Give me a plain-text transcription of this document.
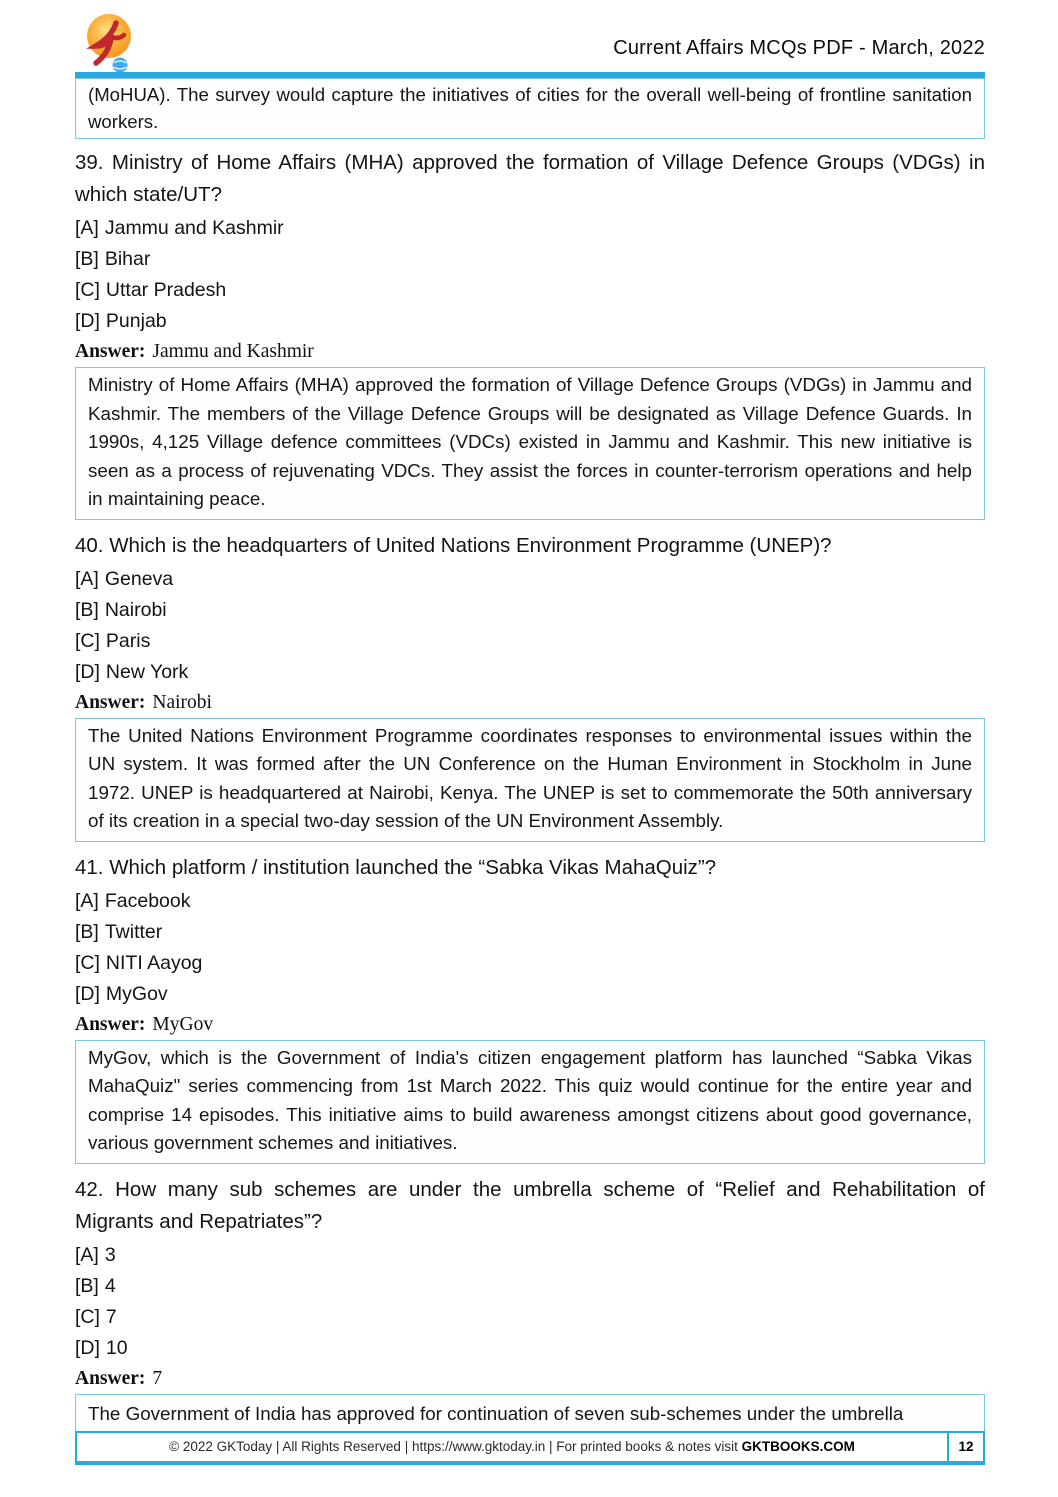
Current Affairs MCQs PDF - March, 2022
(MoHUA). The survey would capture the initiatives of cities for the overall well-being of frontline sanitation workers.
39. Ministry of Home Affairs (MHA) approved the formation of Village Defence Groups (VDGs) in which state/UT?
[A] Jammu and Kashmir
[B] Bihar
[C] Uttar Pradesh
[D] Punjab
Answer: Jammu and Kashmir
Ministry of Home Affairs (MHA) approved the formation of Village Defence Groups (VDGs) in Jammu and Kashmir. The members of the Village Defence Groups will be designated as Village Defence Guards. In 1990s, 4,125 Village defence committees (VDCs) existed in Jammu and Kashmir. This new initiative is seen as a process of rejuvenating VDCs. They assist the forces in counter-terrorism operations and help in maintaining peace.
40. Which is the headquarters of United Nations Environment Programme (UNEP)?
[A] Geneva
[B] Nairobi
[C] Paris
[D] New York
Answer: Nairobi
The United Nations Environment Programme coordinates responses to environmental issues within the UN system. It was formed after the UN Conference on the Human Environment in Stockholm in June 1972. UNEP is headquartered at Nairobi, Kenya. The UNEP is set to commemorate the 50th anniversary of its creation in a special two-day session of the UN Environment Assembly.
41. Which platform / institution launched the “Sabka Vikas MahaQuiz”?
[A] Facebook
[B] Twitter
[C] NITI Aayog
[D] MyGov
Answer: MyGov
MyGov, which is the Government of India's citizen engagement platform has launched “Sabka Vikas MahaQuiz" series commencing from 1st March 2022. This quiz would continue for the entire year and comprise 14 episodes. This initiative aims to build awareness amongst citizens about good governance, various government schemes and initiatives.
42. How many sub schemes are under the umbrella scheme of “Relief and Rehabilitation of Migrants and Repatriates”?
[A] 3
[B] 4
[C] 7
[D] 10
Answer: 7
The Government of India has approved for continuation of seven sub-schemes under the umbrella
© 2022 GKToday | All Rights Reserved | https://www.gktoday.in | For printed books & notes visit GKTBOOKS.COM	12
